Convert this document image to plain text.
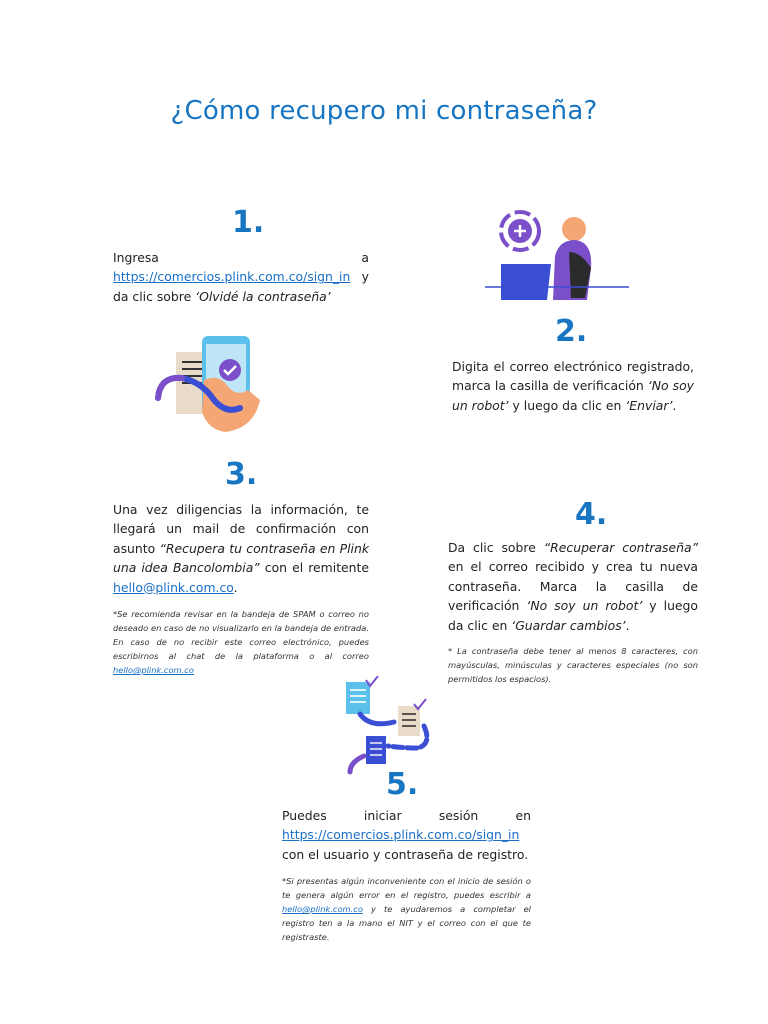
¿Cómo recupero mi contraseña?
1.
Ingresa a https://comercios.plink.com.co/sign_in y da clic sobre ‘Olvidé la contraseña’
2.
Digita el correo electrónico registrado, marca la casilla de verificación ‘No soy un robot’ y luego da clic en ‘Enviar’.
3.
Una vez diligencias la información, te llegará un mail de confirmación con asunto “Recupera tu contraseña en Plink una idea Bancolombia” con el remitente hello@plink.com.co.
*Se recomienda revisar en la bandeja de SPAM o correo no deseado en caso de no visualizarlo en la bandeja de entrada. En caso de no recibir este correo electrónico, puedes escribirnos al chat de la plataforma o al correo hello@plink.com.co
4.
Da clic sobre “Recuperar contraseña” en el correo recibido y crea tu nueva contraseña. Marca la casilla de verificación ‘No soy un robot’ y luego da clic en ‘Guardar cambios’.
* La contraseña debe tener al menos 8 caracteres, con mayúsculas, minúsculas y caracteres especiales (no son permitidos los espacios).
5.
Puedes iniciar sesión en https://comercios.plink.com.co/sign_in con el usuario y contraseña de registro.
*Si presentas algún inconveniente con el inicio de sesión o te genera algún error en el registro, puedes escribir a hello@plink.com.co y te ayudaremos a completar el registro ten a la mano el NIT y el correo con el que te registraste.
